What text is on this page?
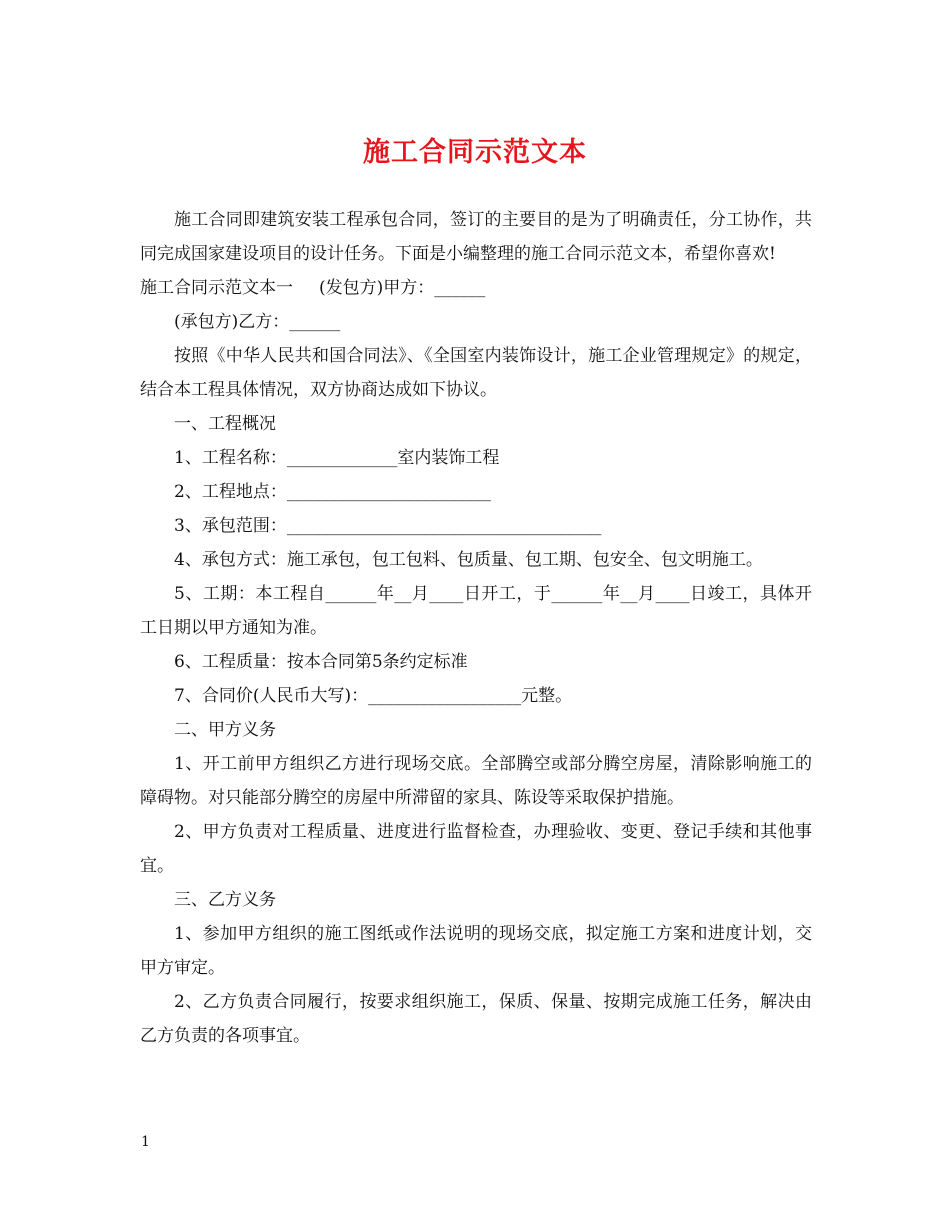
施工合同示范文本

施工合同即建筑安装工程承包合同，签订的主要目的是为了明确责任，分工协作，共同完成国家建设项目的设计任务。下面是小编整理的施工合同示范文本，希望你喜欢!

施工合同示范文本一 (发包方)甲方：______

(承包方)乙方：______

按照《中华人民共和国合同法》、《全国室内装饰设计，施工企业管理规定》的规定，结合本工程具体情况，双方协商达成如下协议。

一、工程概况

1、工程名称：_____________室内装饰工程

2、工程地点：________________________

3、承包范围：_____________________________________

4、承包方式：施工承包，包工包料、包质量、包工期、包安全、包文明施工。

5、工期：本工程自______年__月____日开工，于______年__月____日竣工，具体开工日期以甲方通知为准。

6、工程质量：按本合同第5条约定标准

7、合同价(人民币大写)：__________________元整。

二、甲方义务

1、开工前甲方组织乙方进行现场交底。全部腾空或部分腾空房屋，清除影响施工的障碍物。对只能部分腾空的房屋中所滞留的家具、陈设等采取保护措施。

2、甲方负责对工程质量、进度进行监督检查，办理验收、变更、登记手续和其他事宜。

三、乙方义务

1、参加甲方组织的施工图纸或作法说明的现场交底，拟定施工方案和进度计划，交甲方审定。

2、乙方负责合同履行，按要求组织施工，保质、保量、按期完成施工任务，解决由乙方负责的各项事宜。

1
